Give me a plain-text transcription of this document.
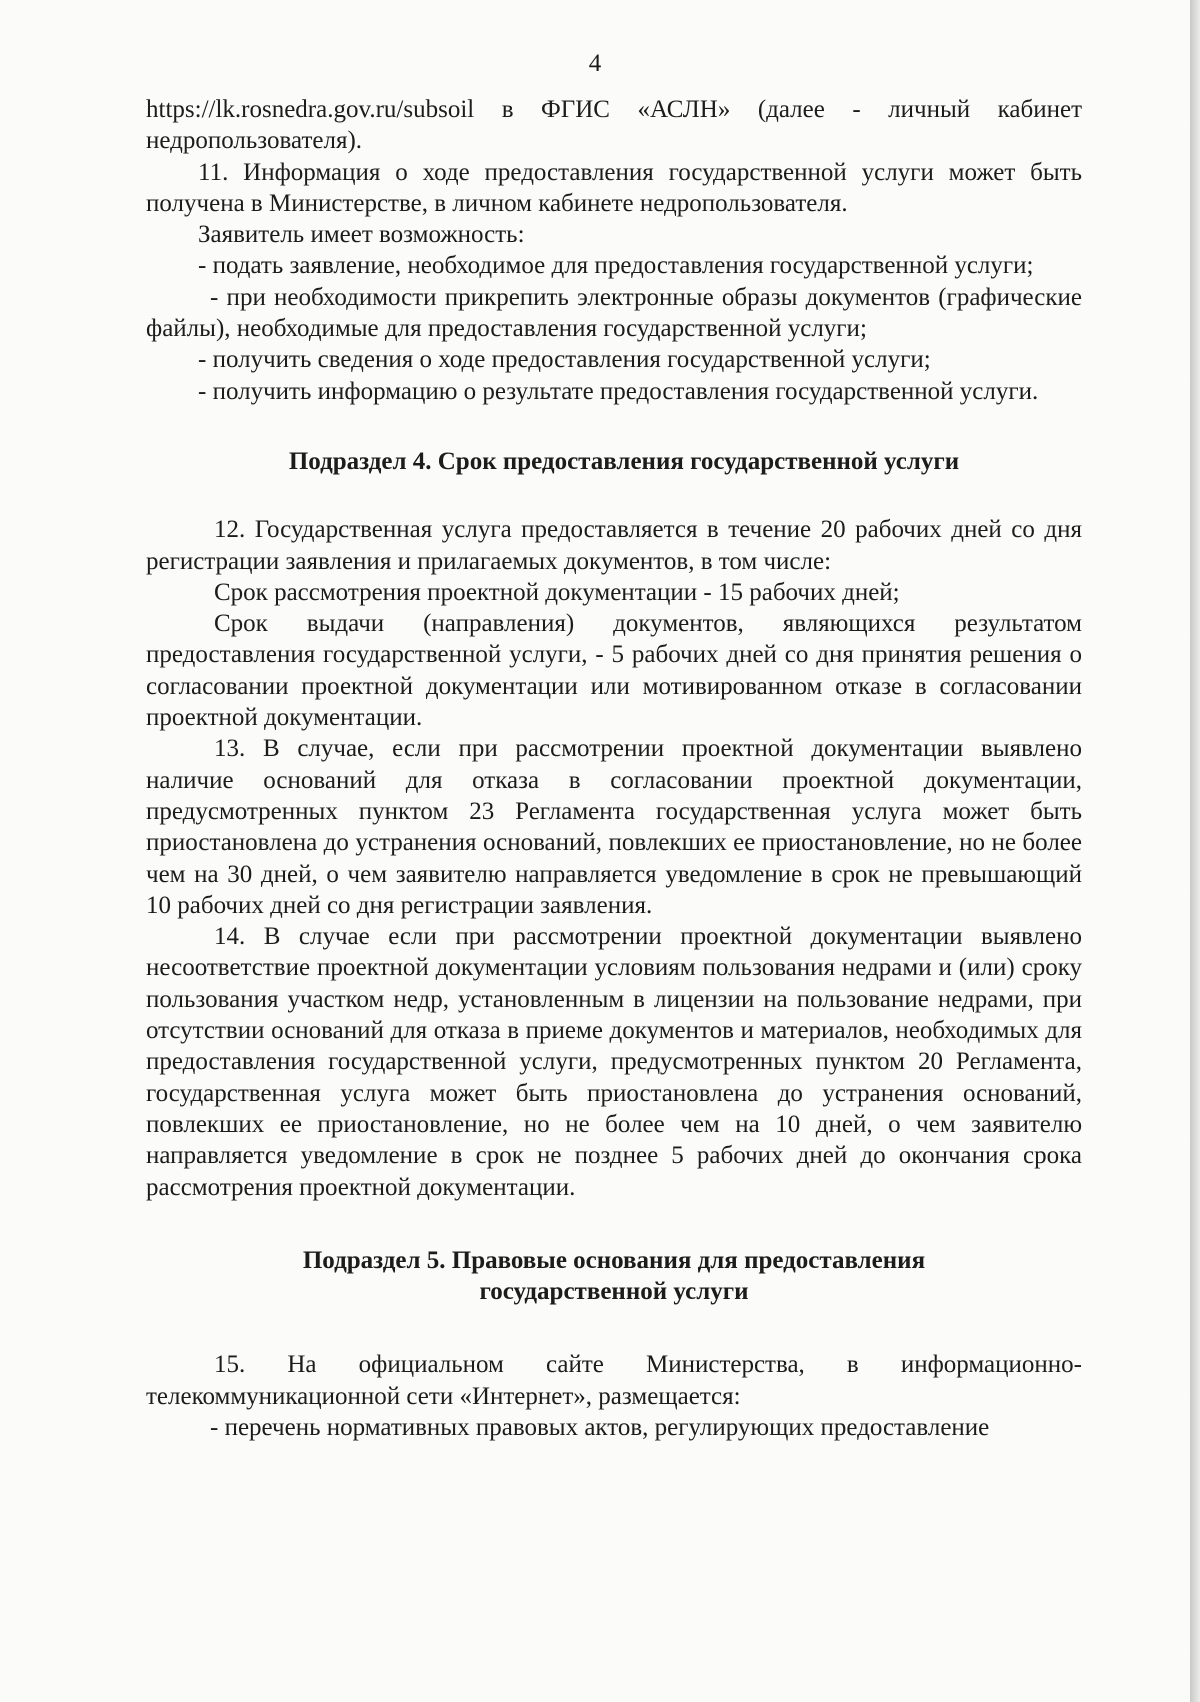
4

https://lk.rosnedra.gov.ru/subsoil в ФГИС «АСЛН» (далее - личный кабинет недропользователя).

11. Информация о ходе предоставления государственной услуги может быть получена в Министерстве, в личном кабинете недропользователя.

Заявитель имеет возможность:

- подать заявление, необходимое для предоставления государственной услуги;

- при необходимости прикрепить электронные образы документов (графические файлы), необходимые для предоставления государственной услуги;

- получить сведения о ходе предоставления государственной услуги;

- получить информацию о результате предоставления государственной услуги.

Подраздел 4. Срок предоставления государственной услуги

12. Государственная услуга предоставляется в течение 20 рабочих дней со дня регистрации заявления и прилагаемых документов, в том числе:

Срок рассмотрения проектной документации - 15 рабочих дней;

Срок выдачи (направления) документов, являющихся результатом предоставления государственной услуги, - 5 рабочих дней со дня принятия решения о согласовании проектной документации или мотивированном отказе в согласовании проектной документации.

13. В случае, если при рассмотрении проектной документации выявлено наличие оснований для отказа в согласовании проектной документации, предусмотренных пунктом 23 Регламента государственная услуга может быть приостановлена до устранения оснований, повлекших ее приостановление, но не более чем на 30 дней, о чем заявителю направляется уведомление в срок не превышающий 10 рабочих дней со дня регистрации заявления.

14. В случае если при рассмотрении проектной документации выявлено несоответствие проектной документации условиям пользования недрами и (или) сроку пользования участком недр, установленным в лицензии на пользование недрами, при отсутствии оснований для отказа в приеме документов и материалов, необходимых для предоставления государственной услуги, предусмотренных пунктом 20 Регламента, государственная услуга может быть приостановлена до устранения оснований, повлекших ее приостановление, но не более чем на 10 дней, о чем заявителю направляется уведомление в срок не позднее 5 рабочих дней до окончания срока рассмотрения проектной документации.

Подраздел 5. Правовые основания для предоставления
государственной услуги

15. На официальном сайте Министерства, в информационно-телекоммуникационной сети «Интернет», размещается:

- перечень нормативных правовых актов, регулирующих предоставление
